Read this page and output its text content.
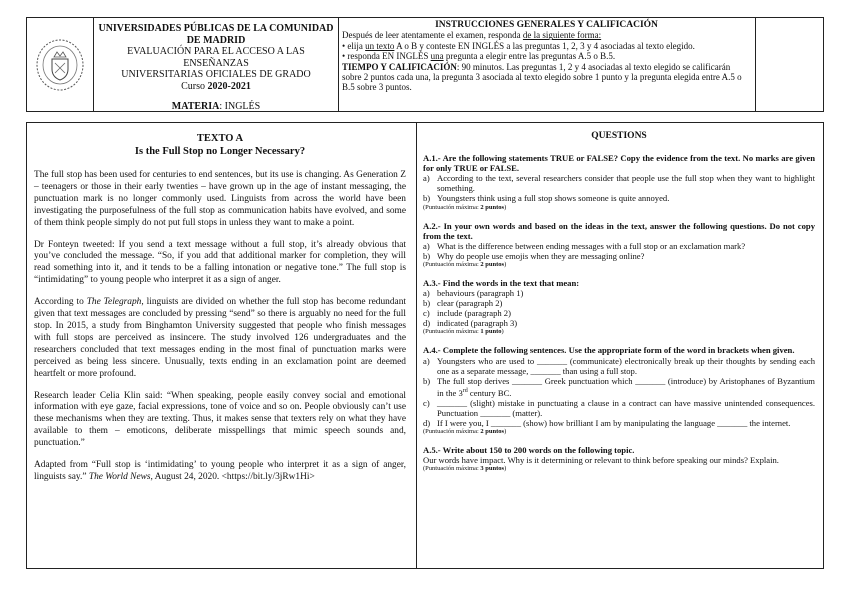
UNIVERSIDADES PÚBLICAS DE LA COMUNIDAD
DE MADRID
EVALUACIÓN PARA EL ACCESO A LAS ENSEÑANZAS
UNIVERSITARIAS OFICIALES DE GRADO
Curso 2020-2021
MATERIA: INGLÉS
INSTRUCCIONES GENERALES Y CALIFICACIÓN
Después de leer atentamente el examen, responda de la siguiente forma:
• elija un texto A o B y conteste EN INGLÉS a las preguntas 1, 2, 3 y 4 asociadas al texto elegido.
• responda EN INGLÉS una pregunta a elegir entre las preguntas A.5 o B.5.
TIEMPO Y CALIFICACIÓN: 90 minutos. Las preguntas 1, 2 y 4 asociadas al texto elegido se calificarán sobre 2 puntos cada una, la pregunta 3 asociada al texto elegido sobre 1 punto y la pregunta elegida entre A.5 o B.5 sobre 3 puntos.
TEXTO A
Is the Full Stop no Longer Necessary?

The full stop has been used for centuries to end sentences, but its use is changing. As Generation Z – teenagers or those in their early twenties – have grown up in the age of instant messaging, the punctuation mark is no longer commonly used. Linguists from across the world have been investigating the purposefulness of the full stop as communication habits have evolved, and some of them think people simply do not put full stops in unless they want to make a point.

Dr Fonteyn tweeted: If you send a text message without a full stop, it’s already obvious that you’ve concluded the message. “So, if you add that additional marker for completion, they will read something into it, and it tends to be a falling intonation or negative tone.” The full stop is “intimidating” to young people who interpret it as a sign of anger.

According to The Telegraph, linguists are divided on whether the full stop has become redundant given that text messages are concluded by pressing “send” so there is arguably no need for the full stop. In 2015, a study from Binghamton University suggested that people who finish messages with full stops are perceived as insincere. The study involved 126 undergraduates and the researchers concluded that text messages ending in the most final of punctuation marks were perceived as being less sincere. Unusually, texts ending in an exclamation point are deemed heartfelt or more profound.

Research leader Celia Klin said: “When speaking, people easily convey social and emotional information with eye gaze, facial expressions, tone of voice and so on. People obviously can’t use these mechanisms when they are texting. Thus, it makes sense that texters rely on what they have available to them – emoticons, deliberate misspellings that mimic speech sounds and, punctuation.”

Adapted from “Full stop is ‘intimidating’ to young people who interpret it as a sign of anger, linguists say.” The World News, August 24, 2020. <https://bit.ly/3jRw1Hi>

QUESTIONS
A.1.- Are the following statements TRUE or FALSE? Copy the evidence from the text. No marks are given for only TRUE or FALSE.
a) According to the text, several researchers consider that people use the full stop when they want to highlight something.
b) Youngsters think using a full stop shows someone is quite annoyed.
(Puntuación máxima: 2 puntos)
A.2.- In your own words and based on the ideas in the text, answer the following questions. Do not copy from the text.
a) What is the difference between ending messages with a full stop or an exclamation mark?
b) Why do people use emojis when they are messaging online?
(Puntuación máxima: 2 puntos)
A.3.- Find the words in the text that mean:
a) behaviours (paragraph 1)
b) clear (paragraph 2)
c) include (paragraph 2)
d) indicated (paragraph 3)
(Puntuación máxima: 1 punto)
A.4.- Complete the following sentences. Use the appropriate form of the word in brackets when given.
a) Youngsters who are used to _______ (communicate) electronically break up their thoughts by sending each one as a separate message, _______ than using a full stop.
b) The full stop derives _______ Greek punctuation which _______ (introduce) by Aristophanes of Byzantium in the 3rd century BC.
c) _______ (slight) mistake in punctuating a clause in a contract can have massive unintended consequences. Punctuation _______ (matter).
d) If I were you, I _______ (show) how brilliant I am by manipulating the language _______ the internet.
(Puntuación máxima: 2 puntos)
A.5.- Write about 150 to 200 words on the following topic.
Our words have impact. Why is it determining or relevant to think before speaking our minds? Explain.
(Puntuación máxima: 3 puntos)
